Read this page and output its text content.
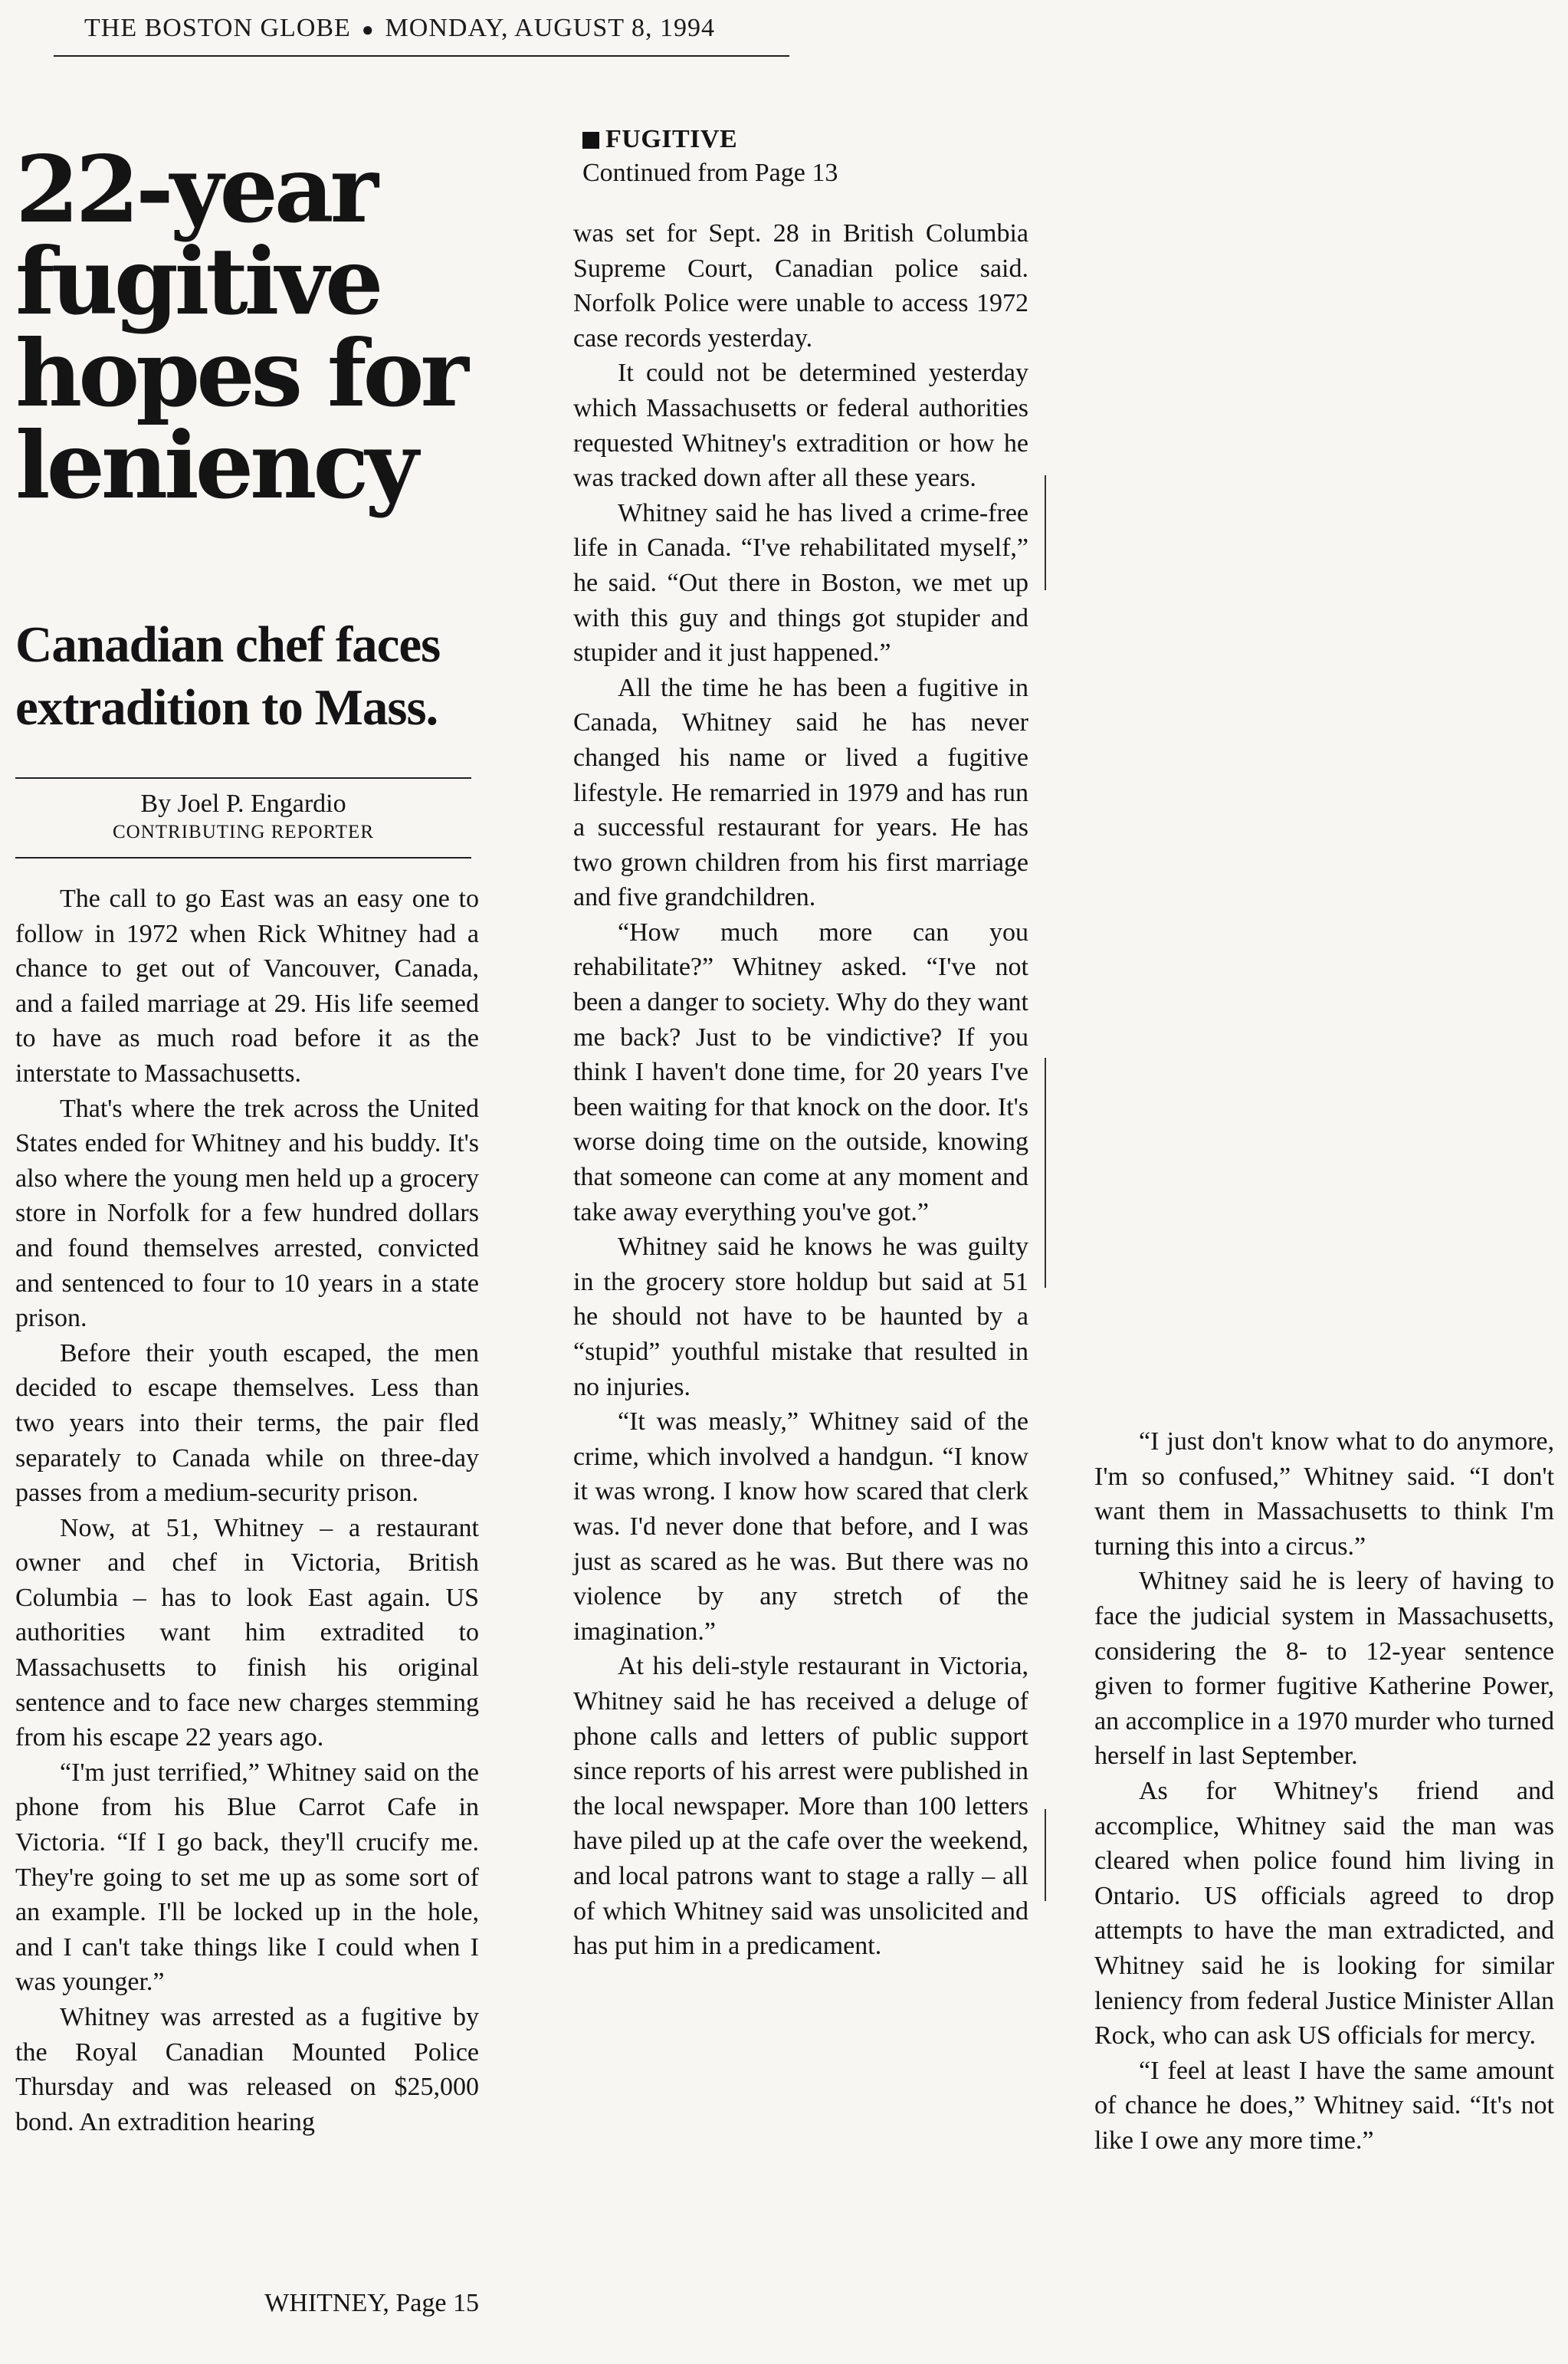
THE BOSTON GLOBE ● MONDAY, AUGUST 8, 1994
22-year
fugitive
hopes for
leniency
Canadian chef faces
extradition to Mass.
By Joel P. Engardio
CONTRIBUTING REPORTER

The call to go East was an easy one to follow in 1972 when Rick Whitney had a chance to get out of Vancouver, Canada, and a failed marriage at 29. His life seemed to have as much road before it as the interstate to Massachusetts.

That's where the trek across the United States ended for Whitney and his buddy. It's also where the young men held up a grocery store in Norfolk for a few hundred dollars and found themselves arrested, convicted and sentenced to four to 10 years in a state prison.

Before their youth escaped, the men decided to escape themselves. Less than two years into their terms, the pair fled separately to Canada while on three-day passes from a medium-security prison.

Now, at 51, Whitney – a restaurant owner and chef in Victoria, British Columbia – has to look East again. US authorities want him extradited to Massachusetts to finish his original sentence and to face new charges stemming from his escape 22 years ago.

“I'm just terrified,” Whitney said on the phone from his Blue Carrot Cafe in Victoria. “If I go back, they'll crucify me. They're going to set me up as some sort of an example. I'll be locked up in the hole, and I can't take things like I could when I was younger.”

Whitney was arrested as a fugitive by the Royal Canadian Mounted Police Thursday and was released on $25,000 bond. An extradition hearing

WHITNEY, Page 15
FUGITIVE
Continued from Page 13

was set for Sept. 28 in British Columbia Supreme Court, Canadian police said. Norfolk Police were unable to access 1972 case records yesterday.

It could not be determined yesterday which Massachusetts or federal authorities requested Whitney's extradition or how he was tracked down after all these years.

Whitney said he has lived a crime-free life in Canada. “I've rehabilitated myself,” he said. “Out there in Boston, we met up with this guy and things got stupider and stupider and it just happened.”

All the time he has been a fugitive in Canada, Whitney said he has never changed his name or lived a fugitive lifestyle. He remarried in 1979 and has run a successful restaurant for years. He has two grown children from his first marriage and five grandchildren.

“How much more can you rehabilitate?” Whitney asked. “I've not been a danger to society. Why do they want me back? Just to be vindictive? If you think I haven't done time, for 20 years I've been waiting for that knock on the door. It's worse doing time on the outside, knowing that someone can come at any moment and take away everything you've got.”

Whitney said he knows he was guilty in the grocery store holdup but said at 51 he should not have to be haunted by a “stupid” youthful mistake that resulted in no injuries.

“It was measly,” Whitney said of the crime, which involved a handgun. “I know it was wrong. I know how scared that clerk was. I'd never done that before, and I was just as scared as he was. But there was no violence by any stretch of the imagination.”

At his deli-style restaurant in Victoria, Whitney said he has received a deluge of phone calls and letters of public support since reports of his arrest were published in the local newspaper. More than 100 letters have piled up at the cafe over the weekend, and local patrons want to stage a rally – all of which Whitney said was unsolicited and has put him in a predicament.

“I just don't know what to do anymore, I'm so confused,” Whitney said. “I don't want them in Massachusetts to think I'm turning this into a circus.”

Whitney said he is leery of having to face the judicial system in Massachusetts, considering the 8- to 12-year sentence given to former fugitive Katherine Power, an accomplice in a 1970 murder who turned herself in last September.

As for Whitney's friend and accomplice, Whitney said the man was cleared when police found him living in Ontario. US officials agreed to drop attempts to have the man extradicted, and Whitney said he is looking for similar leniency from federal Justice Minister Allan Rock, who can ask US officials for mercy.

“I feel at least I have the same amount of chance he does,” Whitney said. “It's not like I owe any more time.”
